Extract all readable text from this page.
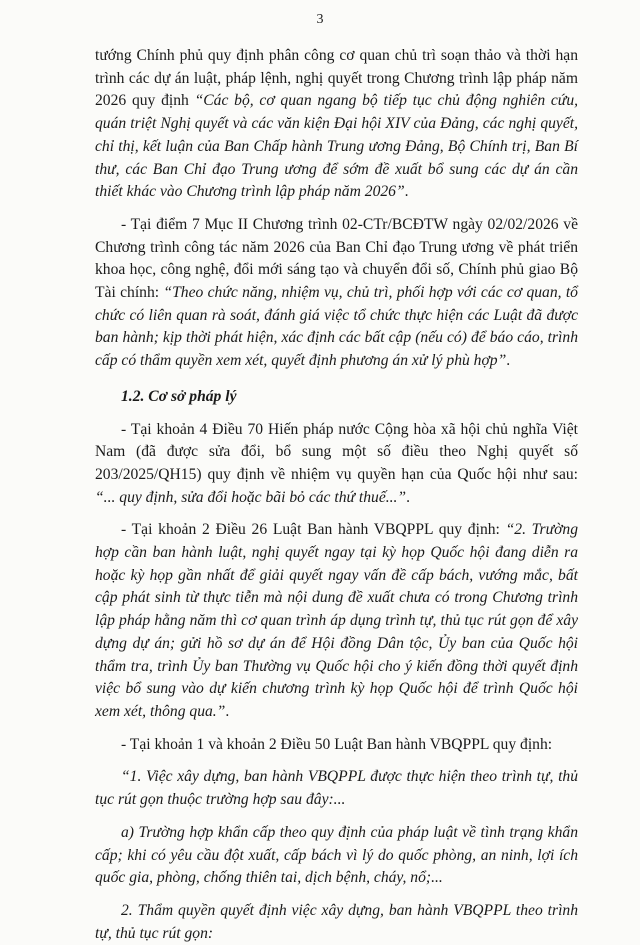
3

tướng Chính phủ quy định phân công cơ quan chủ trì soạn thảo và thời hạn trình các dự án luật, pháp lệnh, nghị quyết trong Chương trình lập pháp năm 2026 quy định “Các bộ, cơ quan ngang bộ tiếp tục chủ động nghiên cứu, quán triệt Nghị quyết và các văn kiện Đại hội XIV của Đảng, các nghị quyết, chỉ thị, kết luận của Ban Chấp hành Trung ương Đảng, Bộ Chính trị, Ban Bí thư, các Ban Chỉ đạo Trung ương để sớm đề xuất bổ sung các dự án cần thiết khác vào Chương trình lập pháp năm 2026”.

- Tại điểm 7 Mục II Chương trình 02-CTr/BCĐTW ngày 02/02/2026 về Chương trình công tác năm 2026 của Ban Chỉ đạo Trung ương về phát triển khoa học, công nghệ, đổi mới sáng tạo và chuyển đổi số, Chính phủ giao Bộ Tài chính: “Theo chức năng, nhiệm vụ, chủ trì, phối hợp với các cơ quan, tổ chức có liên quan rà soát, đánh giá việc tổ chức thực hiện các Luật đã được ban hành; kịp thời phát hiện, xác định các bất cập (nếu có) để báo cáo, trình cấp có thẩm quyền xem xét, quyết định phương án xử lý phù hợp”.

1.2. Cơ sở pháp lý

- Tại khoản 4 Điều 70 Hiến pháp nước Cộng hòa xã hội chủ nghĩa Việt Nam (đã được sửa đổi, bổ sung một số điều theo Nghị quyết số 203/2025/QH15) quy định về nhiệm vụ quyền hạn của Quốc hội như sau: “... quy định, sửa đổi hoặc bãi bỏ các thứ thuế...”.

- Tại khoản 2 Điều 26 Luật Ban hành VBQPPL quy định: “2. Trường hợp cần ban hành luật, nghị quyết ngay tại kỳ họp Quốc hội đang diễn ra hoặc kỳ họp gần nhất để giải quyết ngay vấn đề cấp bách, vướng mắc, bất cập phát sinh từ thực tiễn mà nội dung đề xuất chưa có trong Chương trình lập pháp hằng năm thì cơ quan trình áp dụng trình tự, thủ tục rút gọn để xây dựng dự án; gửi hồ sơ dự án để Hội đồng Dân tộc, Ủy ban của Quốc hội thẩm tra, trình Ủy ban Thường vụ Quốc hội cho ý kiến đồng thời quyết định việc bổ sung vào dự kiến chương trình kỳ họp Quốc hội để trình Quốc hội xem xét, thông qua.”.

- Tại khoản 1 và khoản 2 Điều 50 Luật Ban hành VBQPPL quy định:

“1. Việc xây dựng, ban hành VBQPPL được thực hiện theo trình tự, thủ tục rút gọn thuộc trường hợp sau đây:...

a) Trường hợp khẩn cấp theo quy định của pháp luật về tình trạng khẩn cấp; khi có yêu cầu đột xuất, cấp bách vì lý do quốc phòng, an ninh, lợi ích quốc gia, phòng, chống thiên tai, dịch bệnh, cháy, nổ;...

2. Thẩm quyền quyết định việc xây dựng, ban hành VBQPPL theo trình tự, thủ tục rút gọn:
